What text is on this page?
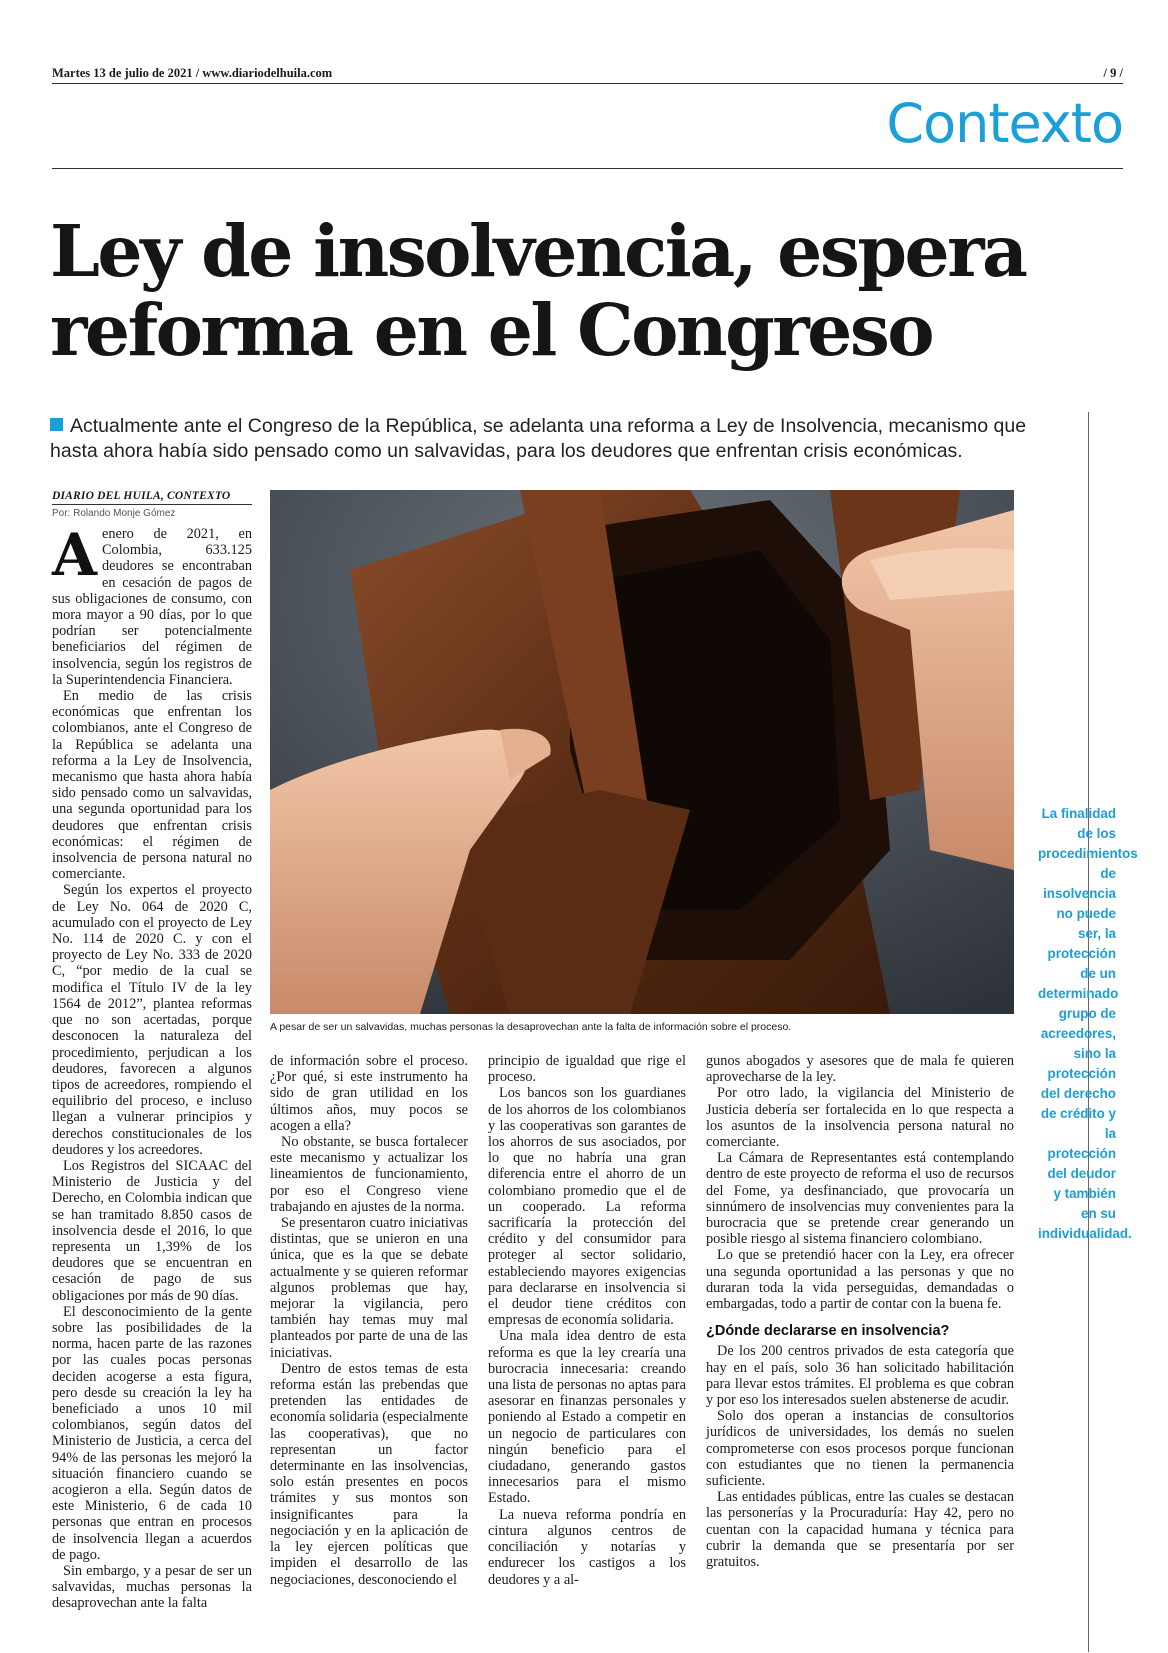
Martes 13 de julio de 2021 / www.diariodelhuila.com	/ 9 /
Contexto
Ley de insolvencia, espera reforma en el Congreso
Actualmente ante el Congreso de la República, se adelanta una reforma a Ley de Insolvencia, mecanismo que hasta ahora había sido pensado como un salvavidas, para los deudores que enfrentan crisis económicas.
DIARIO DEL HUILA, CONTEXTO
Por: Rolando Monje Gómez
A pesar de ser un salvavidas, muchas personas la desaprovechan ante la falta de información sobre el proceso.

Aenero de 2021, en Colombia, 633.125 deudores se encontraban en cesación de pagos de sus obligaciones de consumo, con mora mayor a 90 días, por lo que podrían ser potencialmente beneficiarios del régimen de insolvencia, según los registros de la Superintendencia Financiera.

En medio de las crisis económicas que enfrentan los colombianos, ante el Congreso de la República se adelanta una reforma a la Ley de Insolvencia, mecanismo que hasta ahora había sido pensado como un salvavidas, una segunda oportunidad para los deudores que enfrentan crisis económicas: el régimen de insolvencia de persona natural no comerciante.

Según los expertos el proyecto de Ley No. 064 de 2020 C, acumulado con el proyecto de Ley No. 114 de 2020 C. y con el proyecto de Ley No. 333 de 2020 C, “por medio de la cual se modifica el Título IV de la ley 1564 de 2012”, plantea reformas que no son acertadas, porque desconocen la naturaleza del procedimiento, perjudican a los deudores, favorecen a algunos tipos de acreedores, rompiendo el equilibrio del proceso, e incluso llegan a vulnerar principios y derechos constitucionales de los deudores y los acreedores.

Los Registros del SICAAC del Ministerio de Justicia y del Derecho, en Colombia indican que se han tramitado 8.850 casos de insolvencia desde el 2016, lo que representa un 1,39% de los deudores que se encuentran en cesación de pago de sus obligaciones por más de 90 días.

El desconocimiento de la gente sobre las posibilidades de la norma, hacen parte de las razones por las cuales pocas personas deciden acogerse a esta figura, pero desde su creación la ley ha beneficiado a unos 10 mil colombianos, según datos del Ministerio de Justicia, a cerca del 94% de las personas les mejoró la situación financiero cuando se acogieron a ella. Según datos de este Ministerio, 6 de cada 10 personas que entran en procesos de insolvencia llegan a acuerdos de pago.

Sin embargo, y a pesar de ser un salvavidas, muchas personas la desaprovechan ante la falta

de información sobre el proceso. ¿Por qué, si este instrumento ha sido de gran utilidad en los últimos años, muy pocos se acogen a ella?

No obstante, se busca fortalecer este mecanismo y actualizar los lineamientos de funcionamiento, por eso el Congreso viene trabajando en ajustes de la norma.

Se presentaron cuatro iniciativas distintas, que se unieron en una única, que es la que se debate actualmente y se quieren reformar algunos problemas que hay, mejorar la vigilancia, pero también hay temas muy mal planteados por parte de una de las iniciativas.

Dentro de estos temas de esta reforma están las prebendas que pretenden las entidades de economía solidaria (especialmente las cooperativas), que no representan un factor determinante en las insolvencias, solo están presentes en pocos trámites y sus montos son insignificantes para la negociación y en la aplicación de la ley ejercen políticas que impiden el desarrollo de las negociaciones, desconociendo el

principio de igualdad que rige el proceso.

Los bancos son los guardianes de los ahorros de los colombianos y las cooperativas son garantes de los ahorros de sus asociados, por lo que no habría una gran diferencia entre el ahorro de un colombiano promedio que el de un cooperado. La reforma sacrificaría la protección del crédito y del consumidor para proteger al sector solidario, estableciendo mayores exigencias para declararse en insolvencia si el deudor tiene créditos con empresas de economía solidaria.

Una mala idea dentro de esta reforma es que la ley crearía una burocracia innecesaria: creando una lista de personas no aptas para asesorar en finanzas personales y poniendo al Estado a competir en un negocio de particulares con ningún beneficio para el ciudadano, generando gastos innecesarios para el mismo Estado.

La nueva reforma pondría en cintura algunos centros de conciliación y notarías y endurecer los castigos a los deudores y a al-

gunos abogados y asesores que de mala fe quieren aprovecharse de la ley.

Por otro lado, la vigilancia del Ministerio de Justicia debería ser fortalecida en lo que respecta a los asuntos de la insolvencia persona natural no comerciante.

La Cámara de Representantes está contemplando dentro de este proyecto de reforma el uso de recursos del Fome, ya desfinanciado, que provocaría un sinnúmero de insolvencias muy convenientes para la burocracia que se pretende crear generando un posible riesgo al sistema financiero colombiano.

Lo que se pretendió hacer con la Ley, era ofrecer una segunda oportunidad a las personas y que no duraran toda la vida perseguidas, demandadas o embargadas, todo a partir de contar con la buena fe.

¿Dónde declararse en insolvencia?

De los 200 centros privados de esta categoría que hay en el país, solo 36 han solicitado habilitación para llevar estos trámites. El problema es que cobran y por eso los interesados suelen abstenerse de acudir.

Solo dos operan a instancias de consultorios jurídicos de universidades, los demás no suelen comprometerse con esos procesos porque funcionan con estudiantes que no tienen la permanencia suficiente.

Las entidades públicas, entre las cuales se destacan las personerías y la Procuraduría: Hay 42, pero no cuentan con la capacidad humana y técnica para cubrir la demanda que se presentaría por ser gratuitos.

La finalidad de los procedimientos de insolvencia no puede ser, la protección de un determinado grupo de acreedores, sino la protección del derecho de crédito y la protección del deudor y también en su individualidad.
